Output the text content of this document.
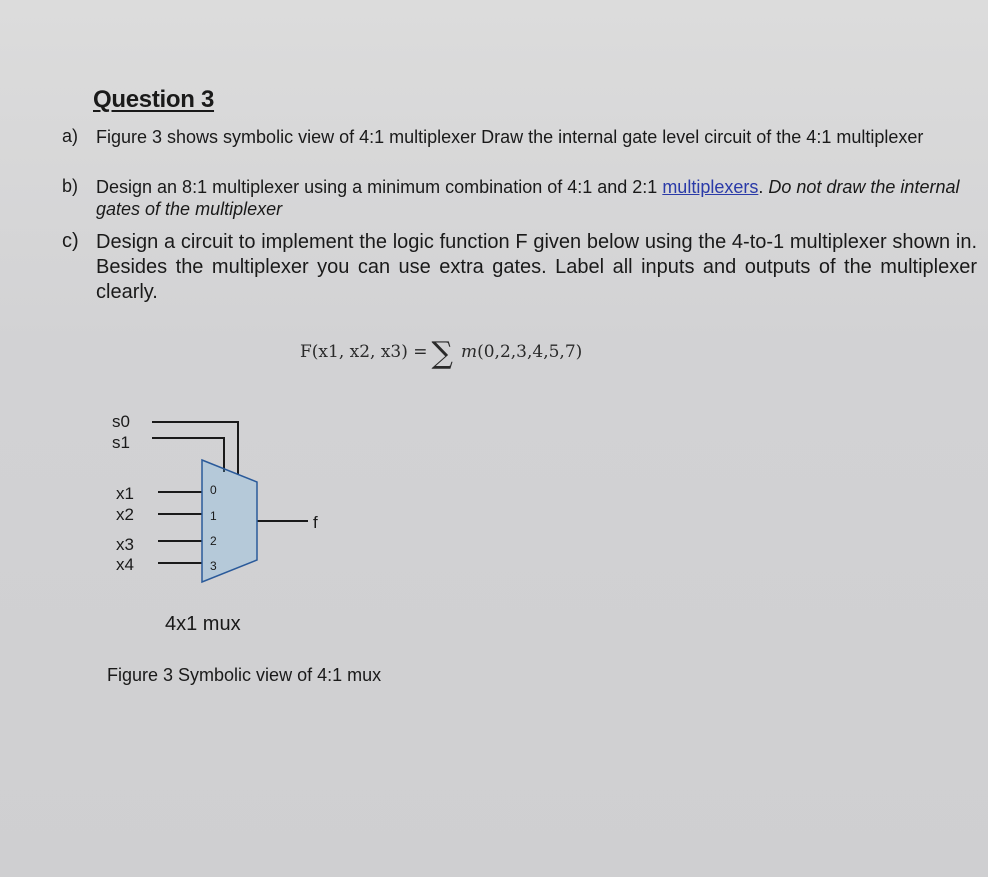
Question 3
a) Figure 3 shows symbolic view of 4:1 multiplexer Draw the internal gate level circuit of the 4:1 multiplexer
b) Design an 8:1 multiplexer using a minimum combination of 4:1 and 2:1 multiplexers. Do not draw the internal gates of the multiplexer
c) Design a circuit to implement the logic function F given below using the 4-to-1 multiplexer shown in. Besides the multiplexer you can use extra gates. Label all inputs and outputs of the multiplexer clearly.
F(x1, x2, x3) = ∑ m(0,2,3,4,5,7)
s0
s1
x1
x2
x3
x4
0
1
2
3
f
4x1 mux
Figure 3 Symbolic view of 4:1 mux
